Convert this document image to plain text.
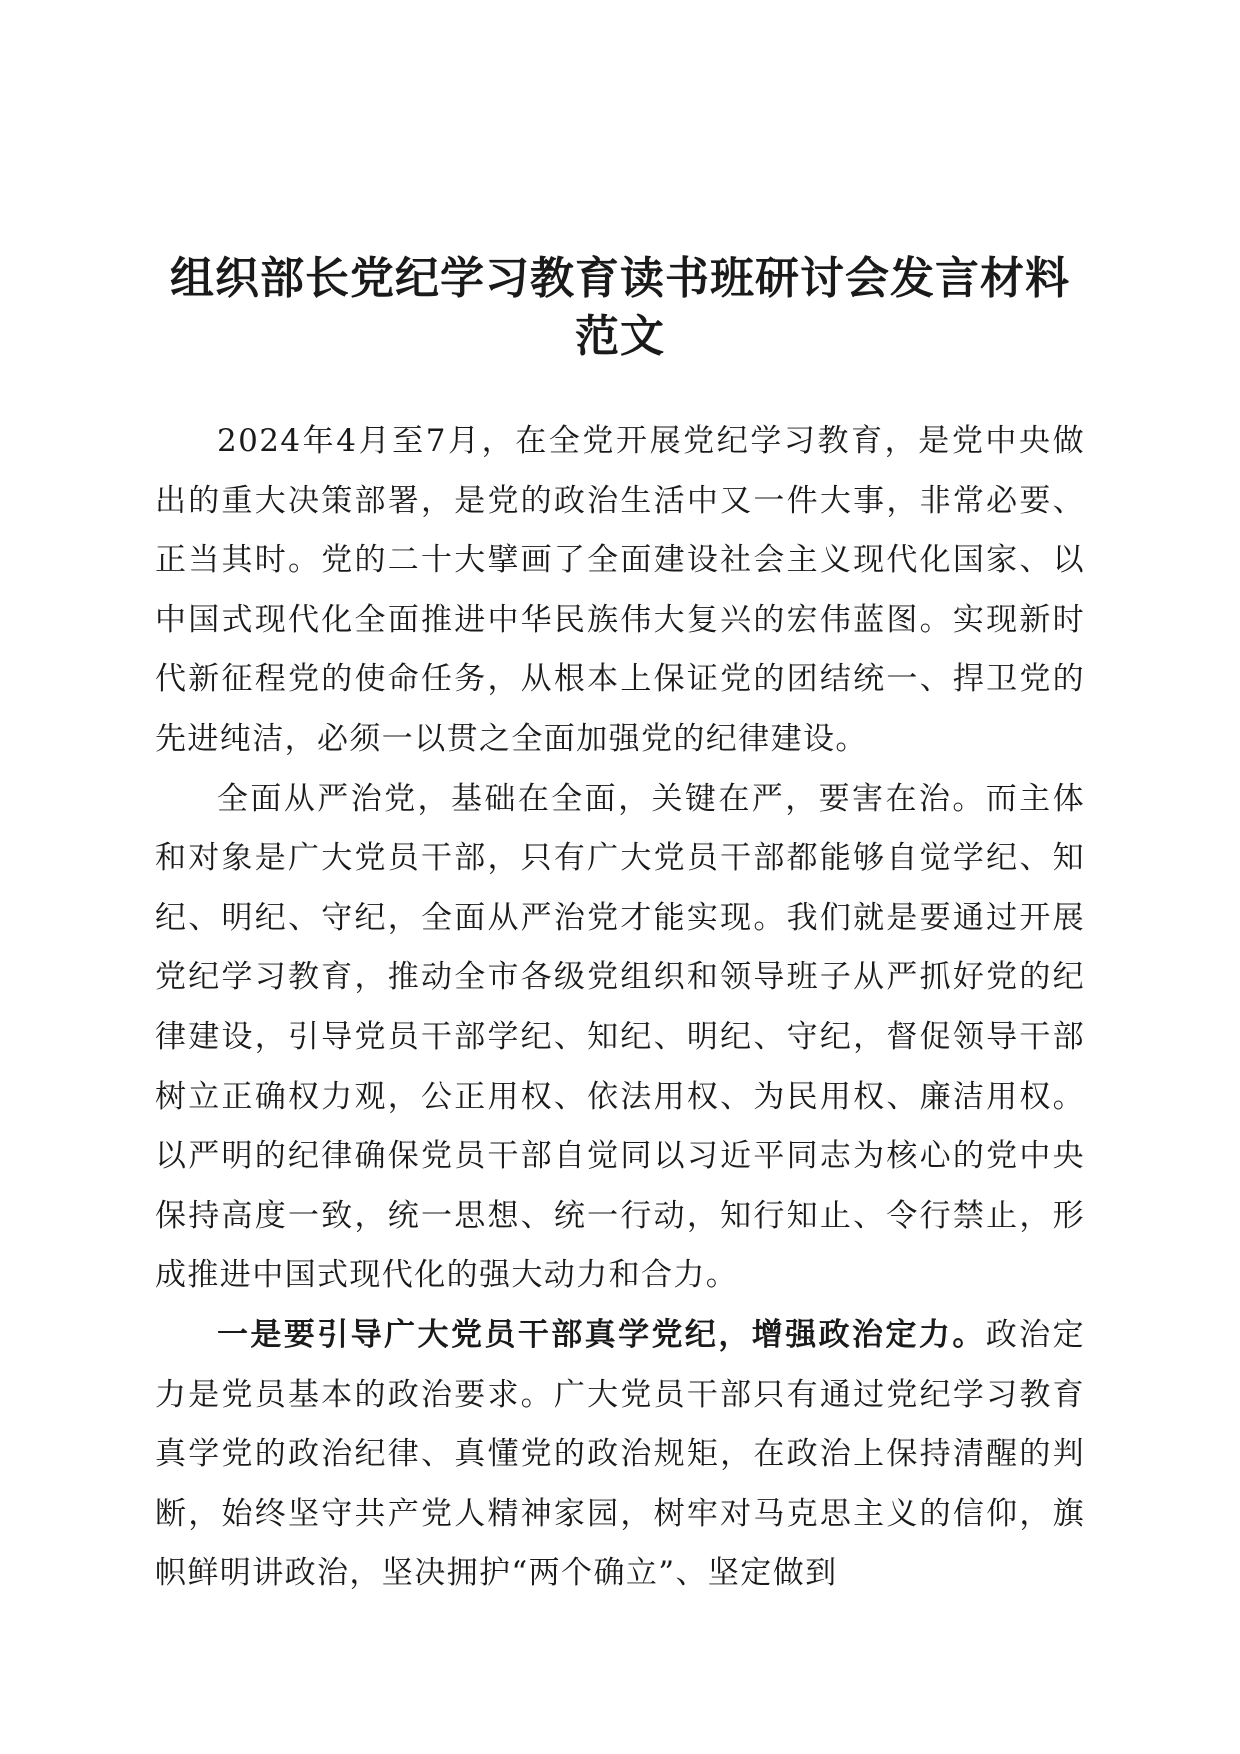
组织部长党纪学习教育读书班研讨会发言材料
范文

2024年4月至7月，在全党开展党纪学习教育，是党中央做出的重大决策部署，是党的政治生活中又一件大事，非常必要、正当其时。党的二十大擘画了全面建设社会主义现代化国家、以中国式现代化全面推进中华民族伟大复兴的宏伟蓝图。实现新时代新征程党的使命任务，从根本上保证党的团结统一、捍卫党的先进纯洁，必须一以贯之全面加强党的纪律建设。

全面从严治党，基础在全面，关键在严，要害在治。而主体和对象是广大党员干部，只有广大党员干部都能够自觉学纪、知纪、明纪、守纪，全面从严治党才能实现。我们就是要通过开展党纪学习教育，推动全市各级党组织和领导班子从严抓好党的纪律建设，引导党员干部学纪、知纪、明纪、守纪，督促领导干部树立正确权力观，公正用权、依法用权、为民用权、廉洁用权。以严明的纪律确保党员干部自觉同以习近平同志为核心的党中央保持高度一致，统一思想、统一行动，知行知止、令行禁止，形成推进中国式现代化的强大动力和合力。

一是要引导广大党员干部真学党纪，增强政治定力。政治定力是党员基本的政治要求。广大党员干部只有通过党纪学习教育真学党的政治纪律、真懂党的政治规矩，在政治上保持清醒的判断，始终坚守共产党人精神家园，树牢对马克思主义的信仰，旗帜鲜明讲政治，坚决拥护“两个确立”、坚定做到
